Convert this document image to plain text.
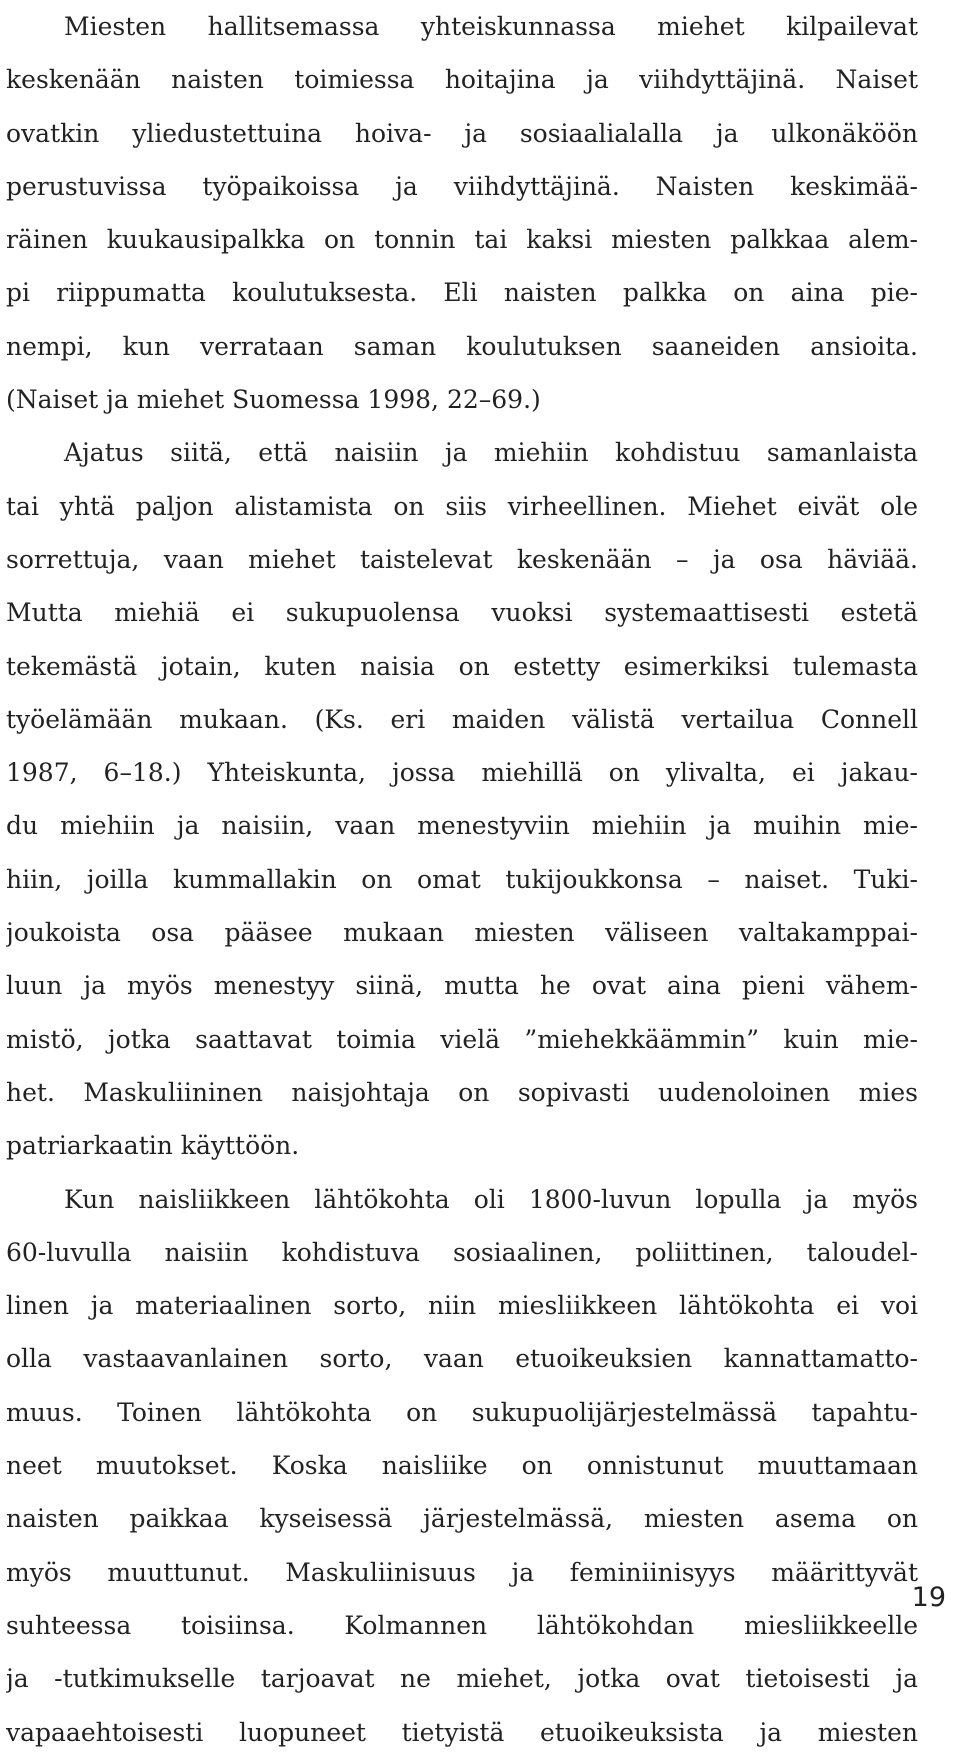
Miesten hallitsemassa yhteiskunnassa miehet kilpailevat
keskenään naisten toimiessa hoitajina ja viihdyttäjinä. Naiset
ovatkin yliedustettuina hoiva- ja sosiaalialalla ja ulkonäköön
perustuvissa työpaikoissa ja viihdyttäjinä. Naisten keskimää-
räinen kuukausipalkka on tonnin tai kaksi miesten palkkaa alem-
pi riippumatta koulutuksesta. Eli naisten palkka on aina pie-
nempi, kun verrataan saman koulutuksen saaneiden ansioita.
(Naiset ja miehet Suomessa 1998, 22–69.)
Ajatus siitä, että naisiin ja miehiin kohdistuu samanlaista
tai yhtä paljon alistamista on siis virheellinen. Miehet eivät ole
sorrettuja, vaan miehet taistelevat keskenään – ja osa häviää.
Mutta miehiä ei sukupuolensa vuoksi systemaattisesti estetä
tekemästä jotain, kuten naisia on estetty esimerkiksi tulemasta
työelämään mukaan. (Ks. eri maiden välistä vertailua Connell
1987, 6–18.) Yhteiskunta, jossa miehillä on ylivalta, ei jakau-
du miehiin ja naisiin, vaan menestyviin miehiin ja muihin mie-
hiin, joilla kummallakin on omat tukijoukkonsa – naiset. Tuki-
joukoista osa pääsee mukaan miesten väliseen valtakamppai-
luun ja myös menestyy siinä, mutta he ovat aina pieni vähem-
mistö, jotka saattavat toimia vielä ”miehekkäämmin” kuin mie-
het. Maskuliininen naisjohtaja on sopivasti uudenoloinen mies
patriarkaatin käyttöön.
Kun naisliikkeen lähtökohta oli 1800-luvun lopulla ja myös
60-luvulla naisiin kohdistuva sosiaalinen, poliittinen, taloudel-
linen ja materiaalinen sorto, niin miesliikkeen lähtökohta ei voi
olla vastaavanlainen sorto, vaan etuoikeuksien kannattamatto-
muus. Toinen lähtökohta on sukupuolijärjestelmässä tapahtu-
neet muutokset. Koska naisliike on onnistunut muuttamaan
naisten paikkaa kyseisessä järjestelmässä, miesten asema on
myös muuttunut. Maskuliinisuus ja feminiinisyys määrittyvät
suhteessa toisiinsa. Kolmannen lähtökohdan miesliikkeelle
ja -tutkimukselle tarjoavat ne miehet, jotka ovat tietoisesti ja
vapaaehtoisesti luopuneet tietyistä etuoikeuksista ja miesten
19
